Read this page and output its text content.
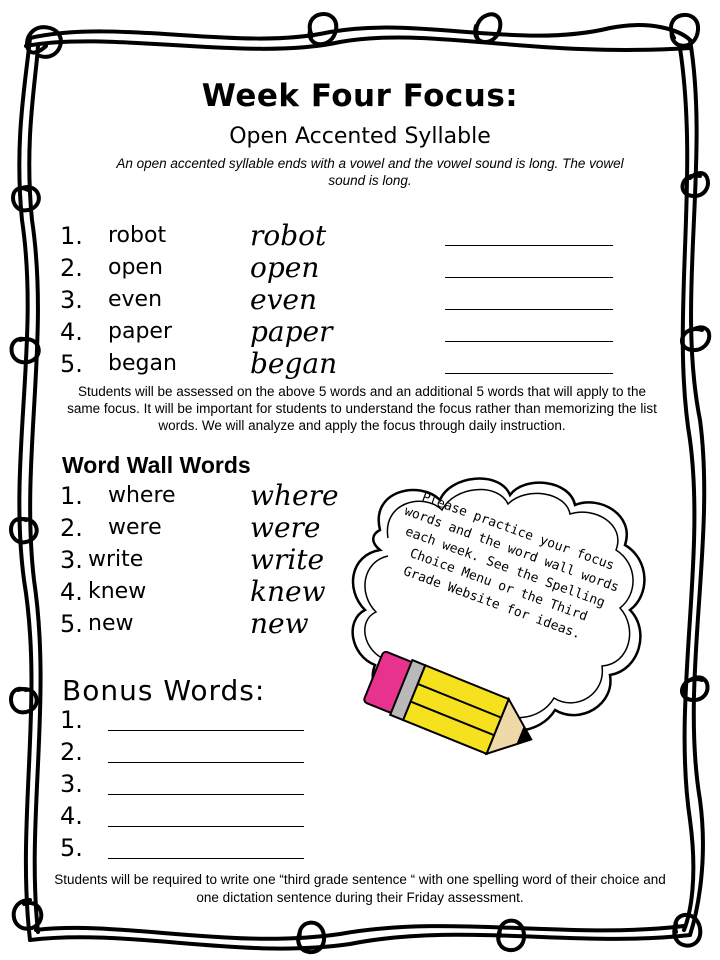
Week Four Focus:
Open Accented Syllable
An open accented syllable ends with a vowel and the vowel sound is long. The vowel sound is long.
1.	robot	robot
2.	open	open
3.	even	even
4.	paper	paper
5.	began	began
Students will be assessed on the above 5 words and an additional 5 words that will apply to the same focus. It will be important for students to understand the focus rather than memorizing the list words. We will analyze and apply the focus through daily instruction.
Word Wall Words
1.	where	where
2.	were	were
3. write	write
4. knew	knew
5. new	new
Please practice your focus words and the word wall words each week. See the Spelling Choice Menu or the Third Grade Website for ideas.
Bonus Words:
1.
2.
3.
4.
5.
Students will be required to write one “third grade sentence “ with one spelling word of their choice and one dictation sentence during their Friday assessment.
